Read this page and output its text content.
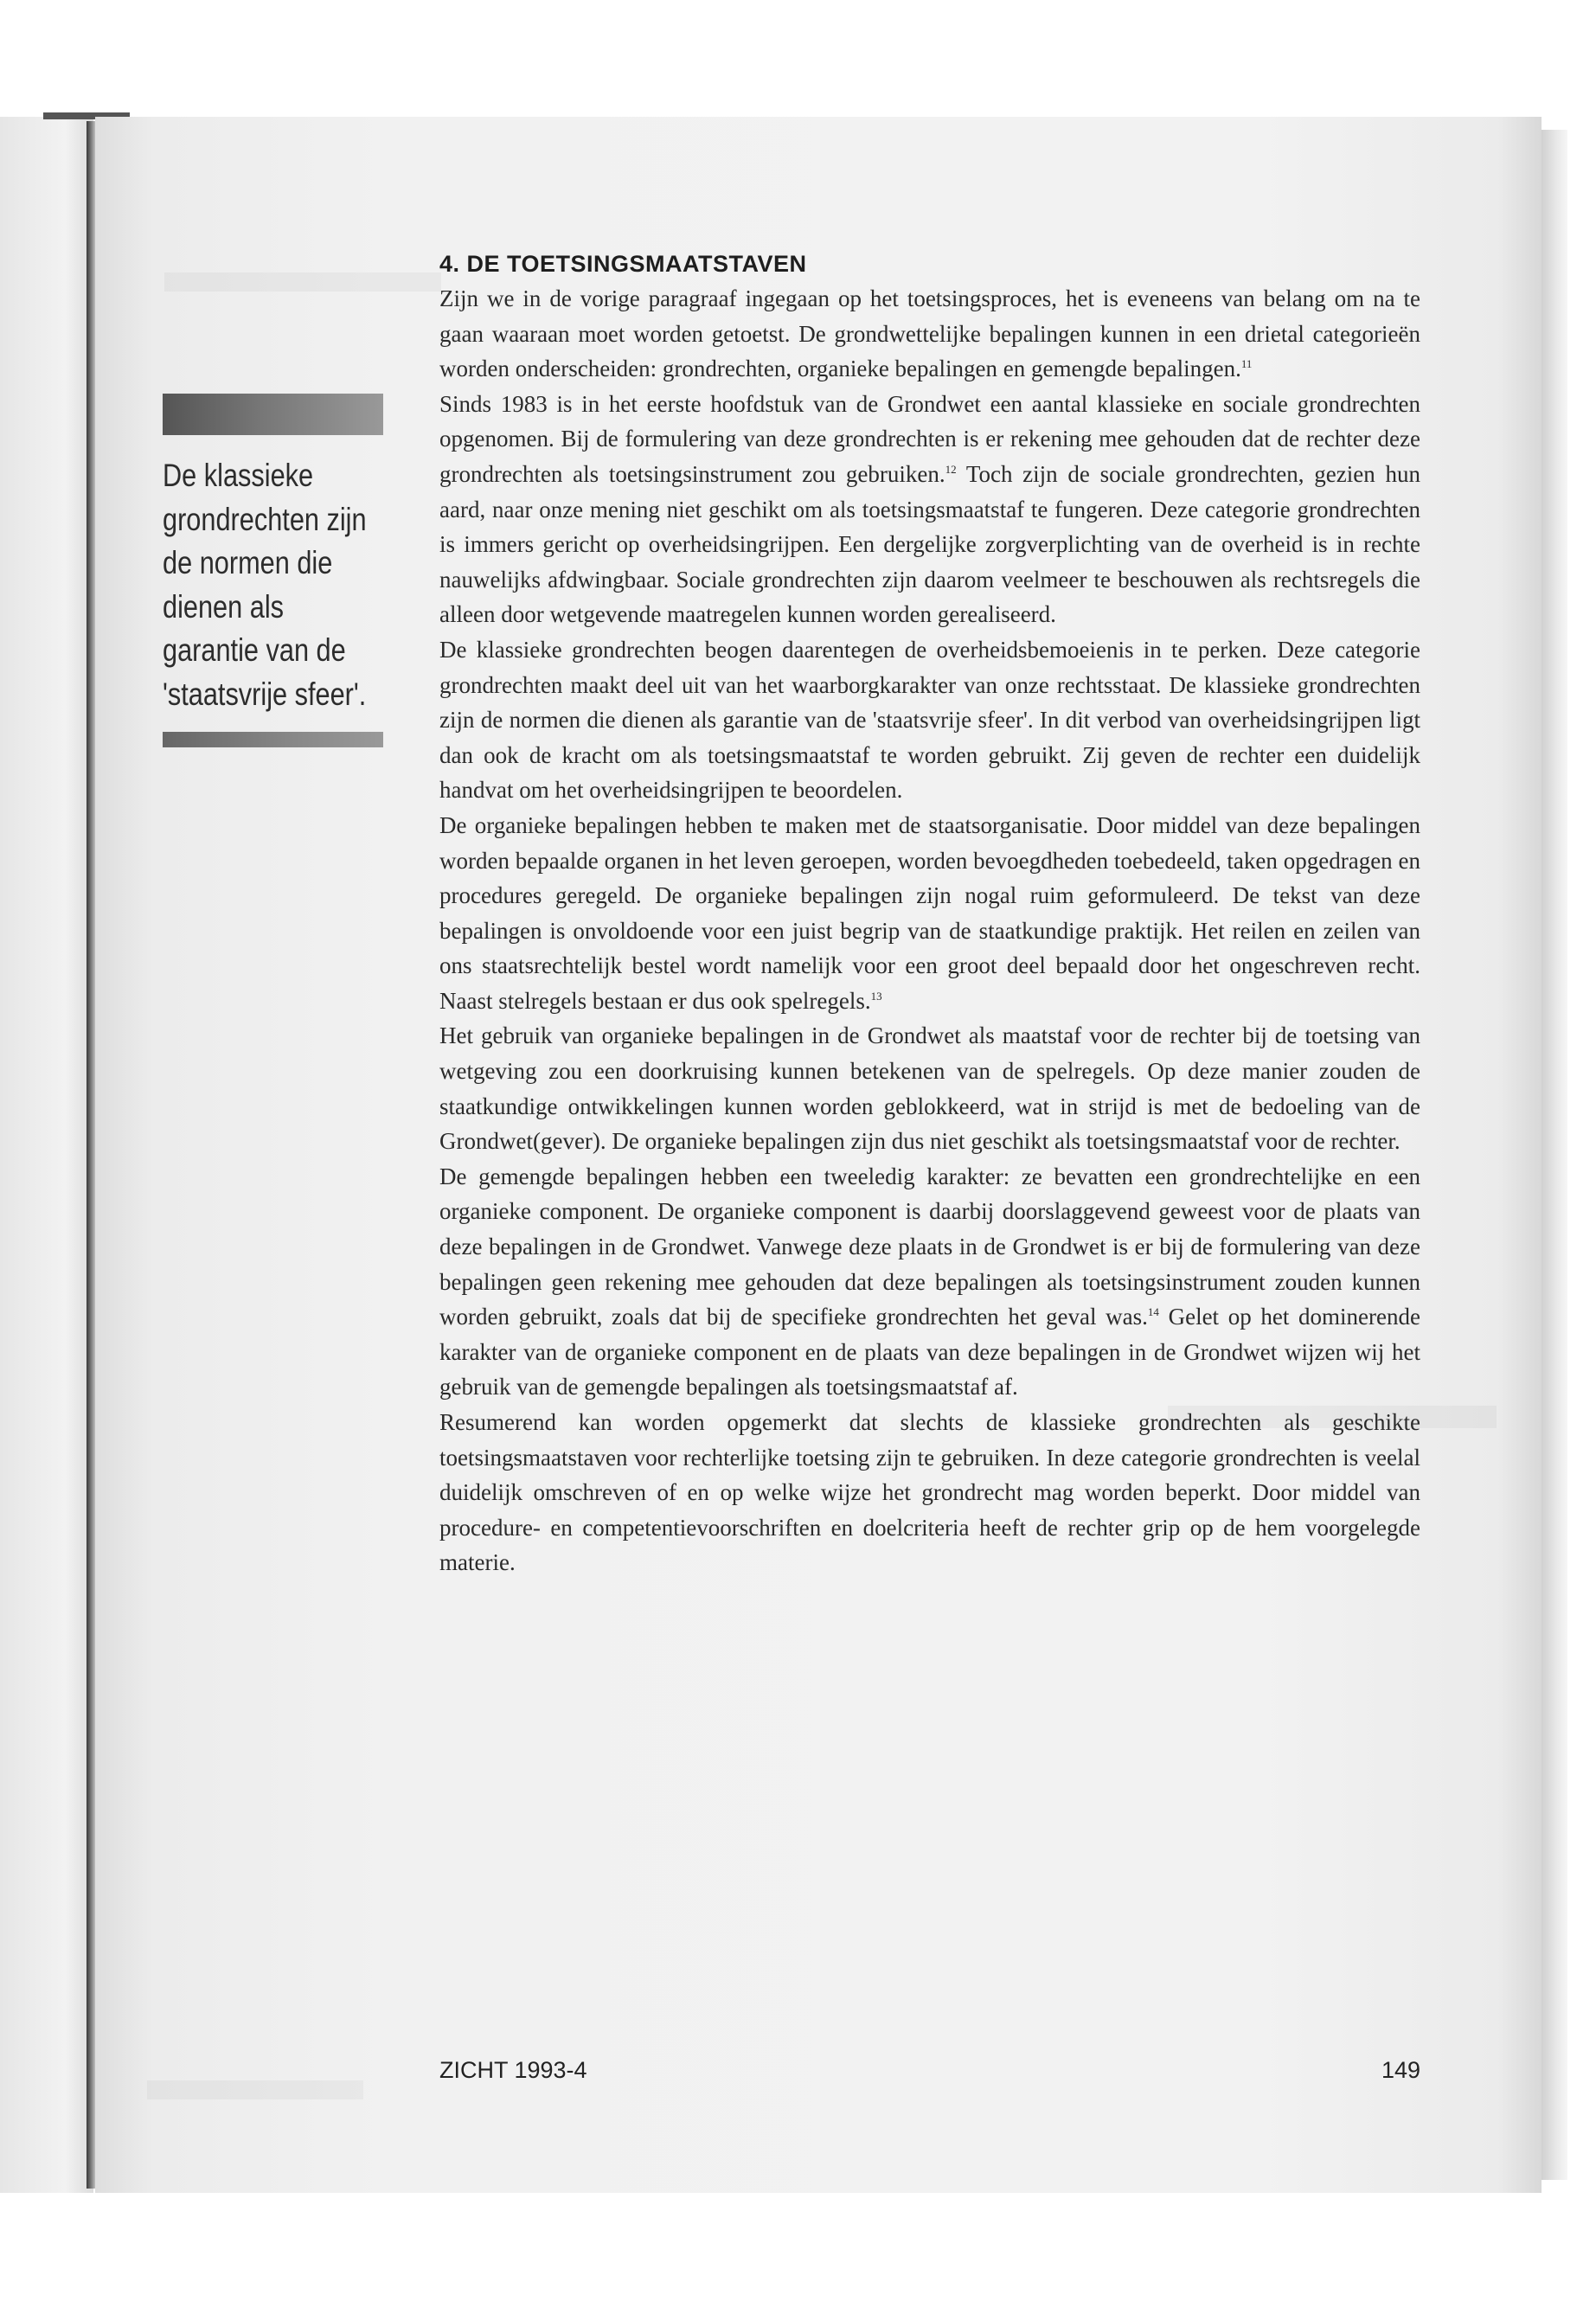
De klassieke grondrechten zijn de normen die dienen als garantie van de 'staatsvrije sfeer'.
4. DE TOETSINGSMAATSTAVEN

Zijn we in de vorige paragraaf ingegaan op het toetsingsproces, het is eveneens van belang om na te gaan waaraan moet worden getoetst. De grondwettelijke bepalingen kunnen in een drietal categorieën worden onderscheiden: grondrechten, organieke bepalingen en gemengde bepalingen.$^{11}$

Sinds 1983 is in het eerste hoofdstuk van de Grondwet een aantal klassieke en sociale grondrechten opgenomen. Bij de formulering van deze grondrechten is er rekening mee gehouden dat de rechter deze grondrechten als toetsingsinstrument zou gebruiken.$^{12}$ Toch zijn de sociale grondrechten, gezien hun aard, naar onze mening niet geschikt om als toetsingsmaatstaf te fungeren. Deze categorie grondrechten is immers gericht op overheidsingrijpen. Een dergelijke zorgverplichting van de overheid is in rechte nauwelijks afdwingbaar. Sociale grondrechten zijn daarom veelmeer te beschouwen als rechtsregels die alleen door wetgevende maatregelen kunnen worden gerealiseerd.

De klassieke grondrechten beogen daarentegen de overheidsbemoeienis in te perken. Deze categorie grondrechten maakt deel uit van het waarborgkarakter van onze rechtsstaat. De klassieke grondrechten zijn de normen die dienen als garantie van de 'staatsvrije sfeer'. In dit verbod van overheidsingrijpen ligt dan ook de kracht om als toetsingsmaatstaf te worden gebruikt. Zij geven de rechter een duidelijk handvat om het overheidsingrijpen te beoordelen.

De organieke bepalingen hebben te maken met de staatsorganisatie. Door middel van deze bepalingen worden bepaalde organen in het leven geroepen, worden bevoegdheden toebedeeld, taken opgedragen en procedures geregeld. De organieke bepalingen zijn nogal ruim geformuleerd. De tekst van deze bepalingen is onvoldoende voor een juist begrip van de staatkundige praktijk. Het reilen en zeilen van ons staatsrechtelijk bestel wordt namelijk voor een groot deel bepaald door het ongeschreven recht. Naast stelregels bestaan er dus ook spelregels.$^{13}$

Het gebruik van organieke bepalingen in de Grondwet als maatstaf voor de rechter bij de toetsing van wetgeving zou een doorkruising kunnen betekenen van de spelregels. Op deze manier zouden de staatkundige ontwikkelingen kunnen worden geblokkeerd, wat in strijd is met de bedoeling van de Grondwet(gever). De organieke bepalingen zijn dus niet geschikt als toetsingsmaatstaf voor de rechter.

De gemengde bepalingen hebben een tweeledig karakter: ze bevatten een grondrechtelijke en een organieke component. De organieke component is daarbij doorslaggevend geweest voor de plaats van deze bepalingen in de Grondwet. Vanwege deze plaats in de Grondwet is er bij de formulering van deze bepalingen geen rekening mee gehouden dat deze bepalingen als toetsingsinstrument zouden kunnen worden gebruikt, zoals dat bij de specifieke grondrechten het geval was.$^{14}$ Gelet op het dominerende karakter van de organieke component en de plaats van deze bepalingen in de Grondwet wijzen wij het gebruik van de gemengde bepalingen als toetsingsmaatstaf af.

Resumerend kan worden opgemerkt dat slechts de klassieke grondrechten als geschikte toetsingsmaatstaven voor rechterlijke toetsing zijn te gebruiken. In deze categorie grondrechten is veelal duidelijk omschreven of en op welke wijze het grondrecht mag worden beperkt. Door middel van procedure- en competentievoorschriften en doelcriteria heeft de rechter grip op de hem voorgelegde materie.

ZICHT 1993-4	149
